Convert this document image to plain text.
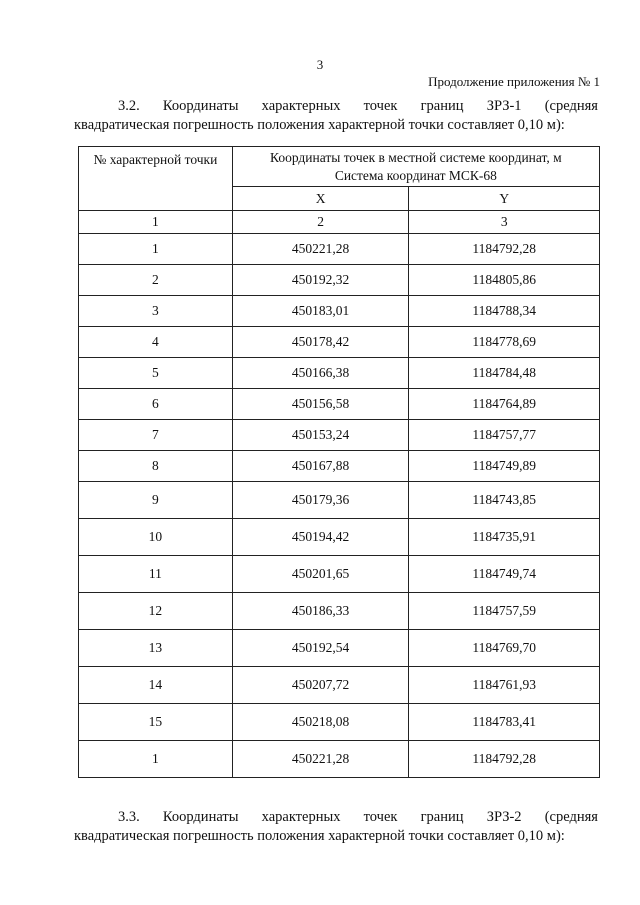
3
Продолжение приложения № 1
3.2. Координаты характерных точек границ ЗРЗ-1 (средняя
квадратическая погрешность положения характерной точки составляет 0,10 м):
№ характерной точки	Координаты точек в местной системе координат, м
Система координат МСК-68	

	X	Y
1	2	3
1	450221,28	1184792,28
2	450192,32	1184805,86
3	450183,01	1184788,34
4	450178,42	1184778,69
5	450166,38	1184784,48
6	450156,58	1184764,89
7	450153,24	1184757,77
8	450167,88	1184749,89
9	450179,36	1184743,85
10	450194,42	1184735,91
11	450201,65	1184749,74
12	450186,33	1184757,59
13	450192,54	1184769,70
14	450207,72	1184761,93
15	450218,08	1184783,41
1	450221,28	1184792,28
3.3. Координаты характерных точек границ ЗРЗ-2 (средняя
квадратическая погрешность положения характерной точки составляет 0,10 м):
